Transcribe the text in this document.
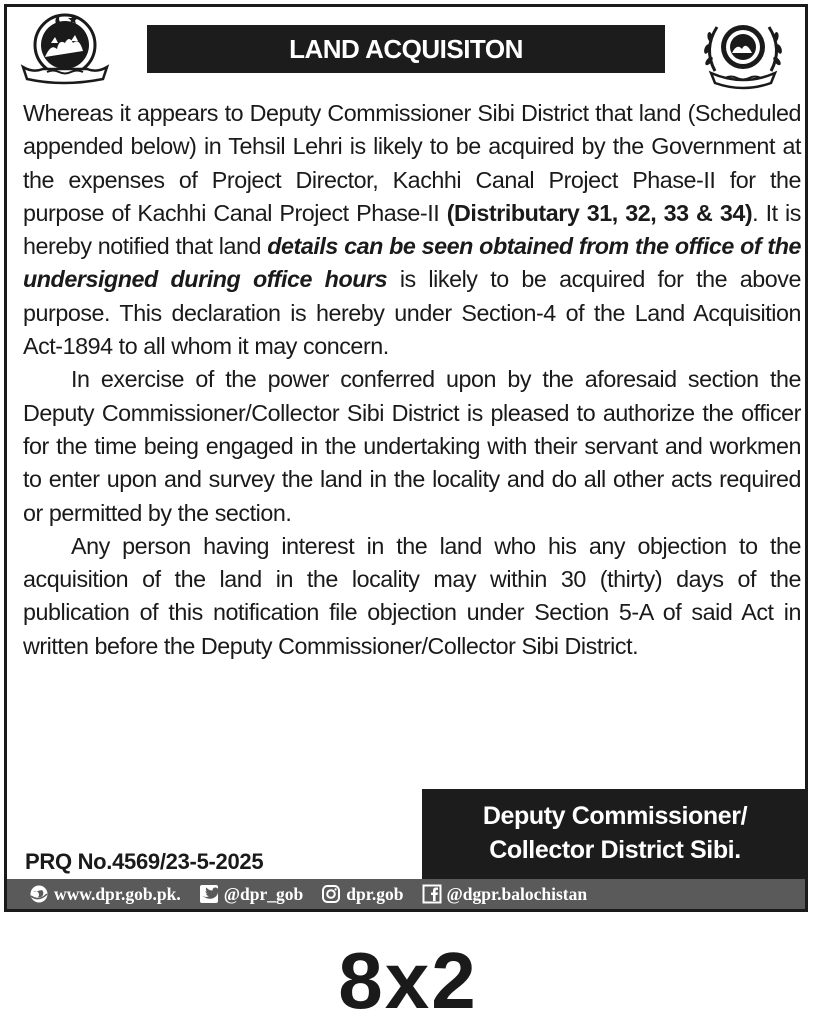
LAND ACQUISITON

Whereas it appears to Deputy Commissioner Sibi District that land (Scheduled appended below) in Tehsil Lehri is likely to be acquired by the Government at the expenses of Project Director, Kachhi Canal Project Phase-II for the purpose of Kachhi Canal Project Phase-II (Distributary 31, 32, 33 & 34). It is hereby notified that land details can be seen obtained from the office of the undersigned during office hours is likely to be acquired for the above purpose. This declaration is hereby under Section-4 of the Land Acquisition Act-1894 to all whom it may concern.

In exercise of the power conferred upon by the aforesaid section the Deputy Commissioner/Collector Sibi District is pleased to authorize the officer for the time being engaged in the undertaking with their servant and workmen to enter upon and survey the land in the locality and do all other acts required or permitted by the section.

Any person having interest in the land who his any objection to the acquisition of the land in the locality may within 30 (thirty) days of the publication of this notification file objection under Section 5-A of said Act in written before the Deputy Commissioner/Collector Sibi District.

Deputy Commissioner/
Collector District Sibi.
PRQ No.4569/23-5-2025
www.dpr.gob.pk. @dpr_gob dpr.gob @dgpr.balochistan
8x2
